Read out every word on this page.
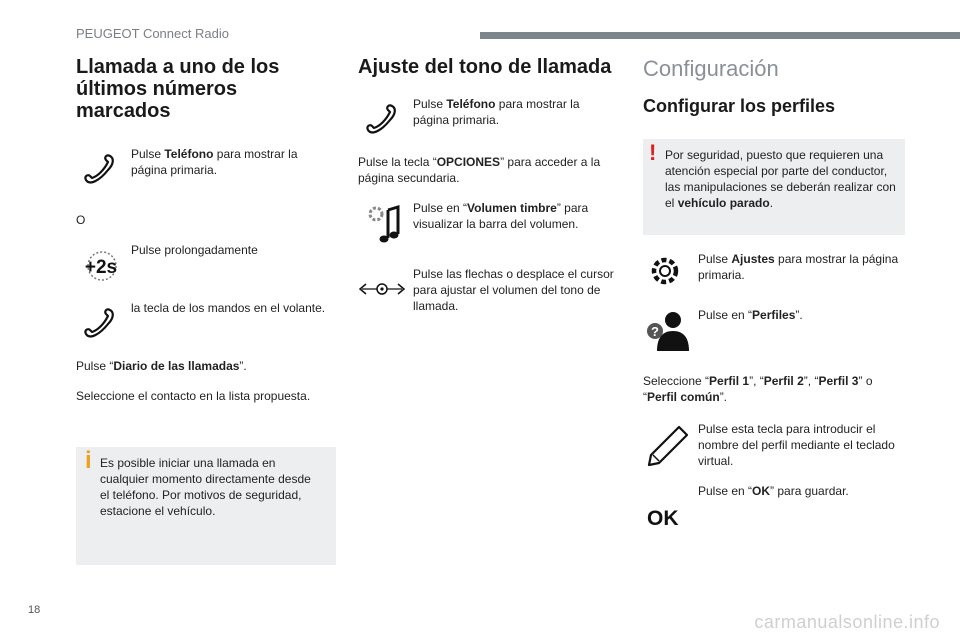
PEUGEOT Connect Radio
Llamada a uno de los últimos números marcados
Pulse Teléfono para mostrar la página primaria.

O

+2s
Pulse prolongadamente
la tecla de los mandos en el volante.

Pulse “Diario de las llamadas”.

Seleccione el contacto en la lista propuesta.

i Es posible iniciar una llamada en cualquier momento directamente desde el teléfono. Por motivos de seguridad, estacione el vehículo.
Ajuste del tono de llamada
Pulse Teléfono para mostrar la página primaria.

Pulse la tecla “OPCIONES” para acceder a la página secundaria.

Pulse en “Volumen timbre” para visualizar la barra del volumen.
Pulse las flechas o desplace el cursor para ajustar el volumen del tono de llamada.
Configuración
Configurar los perfiles
! Por seguridad, puesto que requieren una atención especial por parte del conductor, las manipulaciones se deberán realizar con el vehículo parado.
Pulse Ajustes para mostrar la página primaria.
?
Pulse en “Perfiles”.

Seleccione “Perfil 1”, “Perfil 2”, “Perfil 3” o “Perfil común”.

Pulse esta tecla para introducir el nombre del perfil mediante el teclado virtual.
OK
Pulse en “OK” para guardar.
18
carmanualsonline.info
